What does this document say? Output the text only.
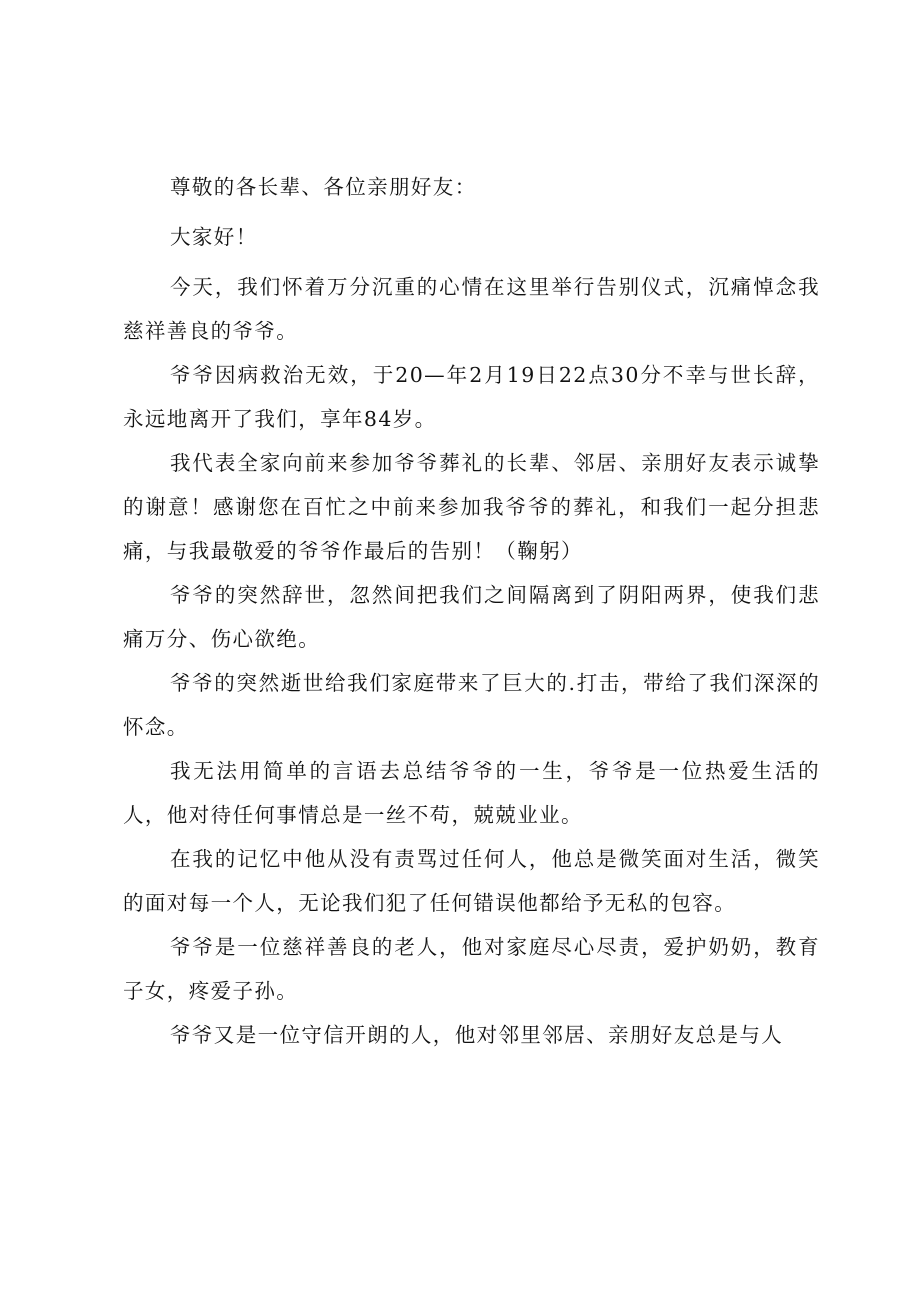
尊敬的各长辈、各位亲朋好友：

大家好！

今天，我们怀着万分沉重的心情在这里举行告别仪式，沉痛悼念我慈祥善良的爷爷。

爷爷因病救治无效，于20—年2月19日22点30分不幸与世长辞，永远地离开了我们，享年84岁。

我代表全家向前来参加爷爷葬礼的长辈、邻居、亲朋好友表示诚挚的谢意！感谢您在百忙之中前来参加我爷爷的葬礼，和我们一起分担悲痛，与我最敬爱的爷爷作最后的告别！（鞠躬）

爷爷的突然辞世，忽然间把我们之间隔离到了阴阳两界，使我们悲痛万分、伤心欲绝。

爷爷的突然逝世给我们家庭带来了巨大的.打击，带给了我们深深的怀念。

我无法用简单的言语去总结爷爷的一生，爷爷是一位热爱生活的人，他对待任何事情总是一丝不苟，兢兢业业。

在我的记忆中他从没有责骂过任何人，他总是微笑面对生活，微笑的面对每一个人，无论我们犯了任何错误他都给予无私的包容。

爷爷是一位慈祥善良的老人，他对家庭尽心尽责，爱护奶奶，教育子女，疼爱子孙。

爷爷又是一位守信开朗的人，他对邻里邻居、亲朋好友总是与人
